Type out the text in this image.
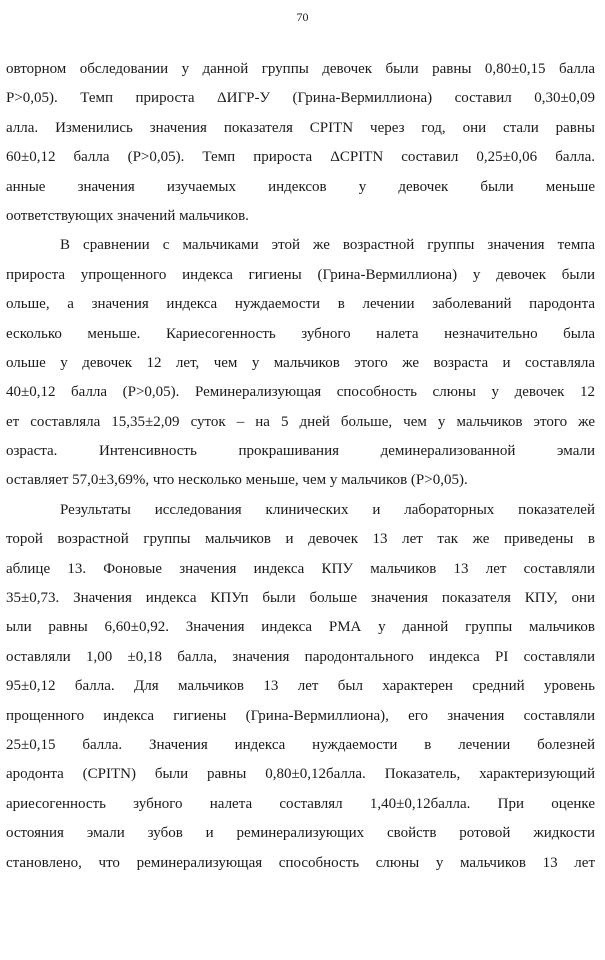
70
овторном обследовании у данной группы девочек были равны 0,80±0,15 балла
P>0,05). Темп прироста ΔИГР-У (Грина-Вермиллиона) составил 0,30±0,09
алла. Изменились значения показателя CPITN через год, они стали равны
60±0,12 балла (P>0,05). Темп прироста ΔCPITN составил 0,25±0,06 балла.
анные значения изучаемых индексов у девочек были меньше
оответствующих значений мальчиков.
В сравнении с мальчиками этой же возрастной группы значения темпа
прироста упрощенного индекса гигиены (Грина-Вермиллиона) у девочек были
ольше, а значения индекса нуждаемости в лечении заболеваний пародонта
есколько меньше. Кариесогенность зубного налета незначительно была
ольше у девочек 12 лет, чем у мальчиков этого же возраста и составляла
40±0,12 балла (P>0,05). Реминерализующая способность слюны у девочек 12
ет составляла 15,35±2,09 суток – на 5 дней больше, чем у мальчиков этого же
озраста. Интенсивность прокрашивания деминерализованной эмали
оставляет 57,0±3,69%, что несколько меньше, чем у мальчиков (P>0,05).
Результаты исследования клинических и лабораторных показателей
торой возрастной группы мальчиков и девочек 13 лет так же приведены в
аблице 13. Фоновые значения индекса КПУ мальчиков 13 лет составляли
35±0,73. Значения индекса КПУп были больше значения показателя КПУ, они
ыли равны 6,60±0,92. Значения индекса РМА у данной группы мальчиков
оставляли 1,00 ±0,18 балла, значения пародонтального индекса PI составляли
95±0,12 балла. Для мальчиков 13 лет был характерен средний уровень
прощенного индекса гигиены (Грина-Вермиллиона), его значения составляли
25±0,15 балла. Значения индекса нуждаемости в лечении болезней
ародонта (CPITN) были равны 0,80±0,12балла. Показатель, характеризующий
ариесогенность зубного налета составлял 1,40±0,12балла. При оценке
остояния эмали зубов и реминерализующих свойств ротовой жидкости
становлено, что реминерализующая способность слюны у мальчиков 13 лет
